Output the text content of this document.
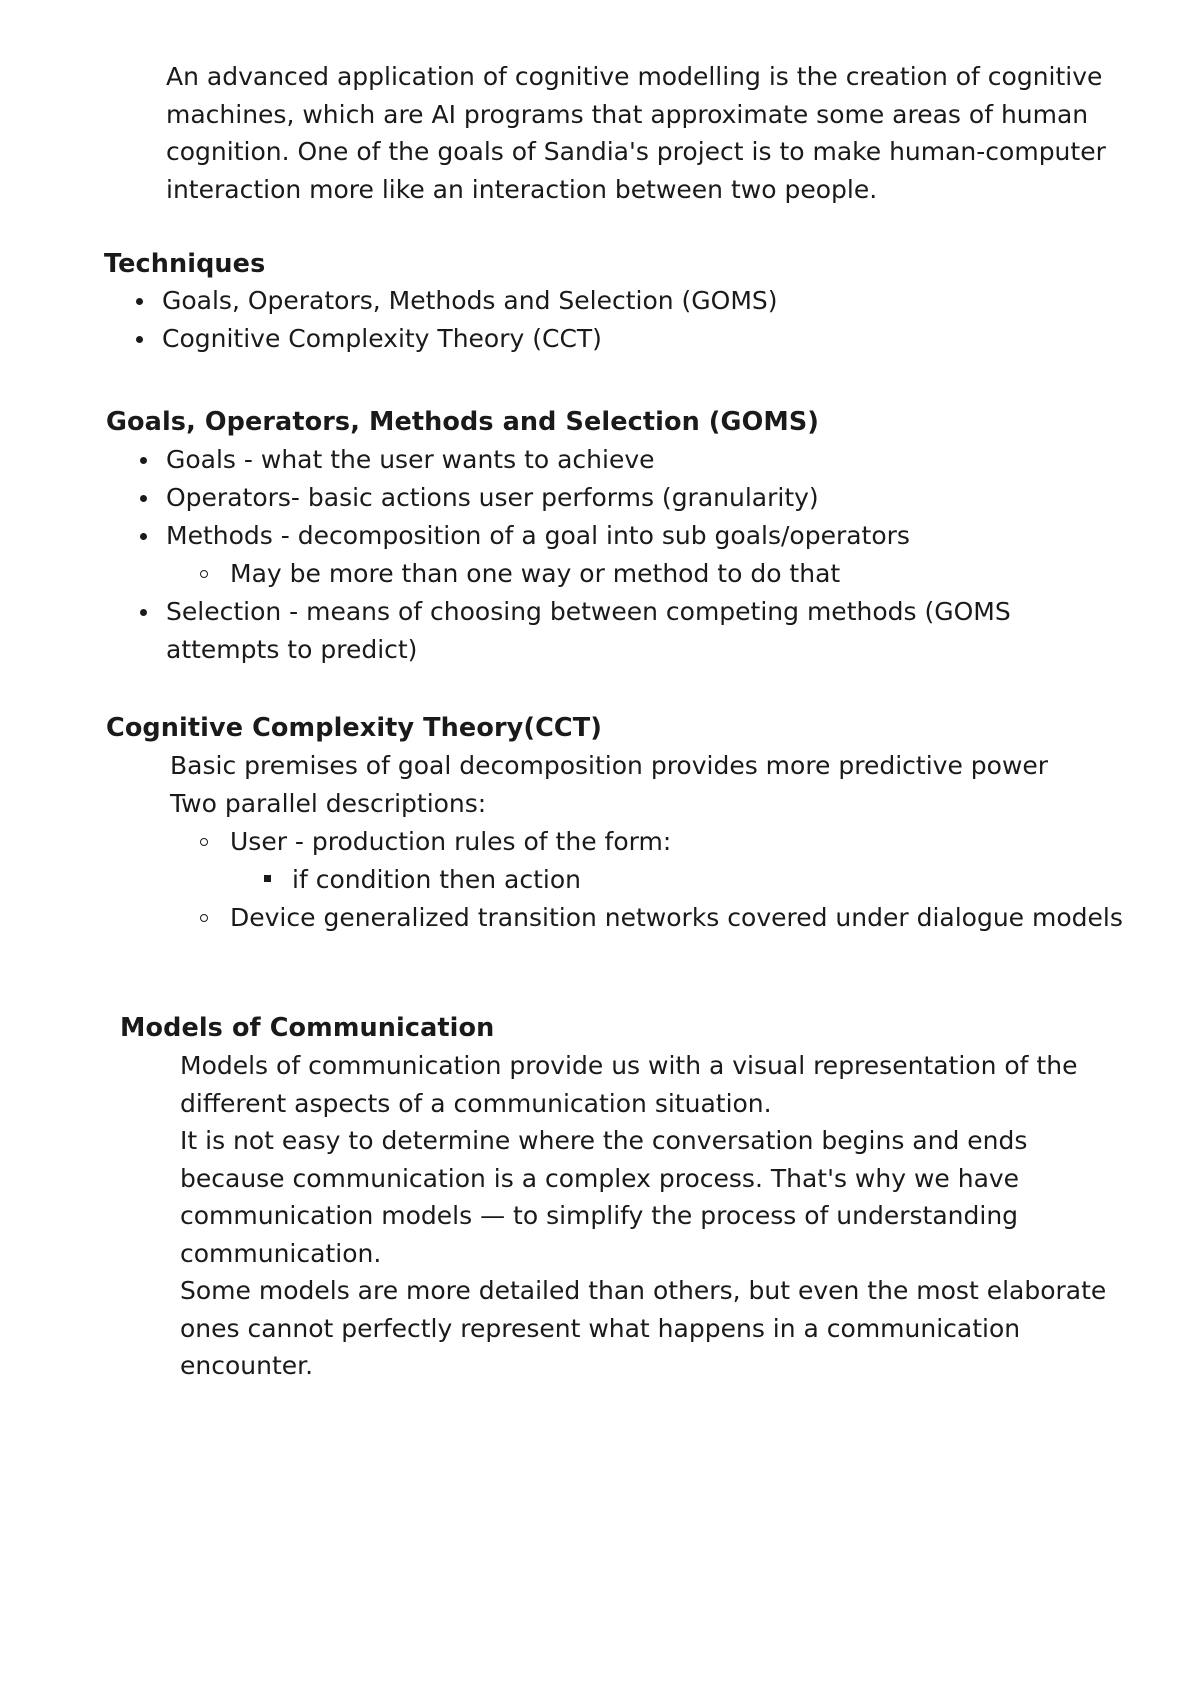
An advanced application of cognitive modelling is the creation of cognitive machines, which are AI programs that approximate some areas of human cognition. One of the goals of Sandia's project is to make human-computer interaction more like an interaction between two people.

Techniques
Goals, Operators, Methods and Selection (GOMS)
Cognitive Complexity Theory (CCT)
Goals, Operators, Methods and Selection (GOMS)
Goals - what the user wants to achieve
Operators- basic actions user performs (granularity)
Methods - decomposition of a goal into sub goals/operators
May be more than one way or method to do that
Selection - means of choosing between competing methods (GOMS attempts to predict)
Cognitive Complexity Theory(CCT)

Basic premises of goal decomposition provides more predictive power

Two parallel descriptions:

User - production rules of the form:
if condition then action
Device generalized transition networks covered under dialogue models
Models of Communication

Models of communication provide us with a visual representation of the different aspects of a communication situation.

It is not easy to determine where the conversation begins and ends because communication is a complex process. That's why we have communication models — to simplify the process of understanding communication.

Some models are more detailed than others, but even the most elaborate ones cannot perfectly represent what happens in a communication encounter.
